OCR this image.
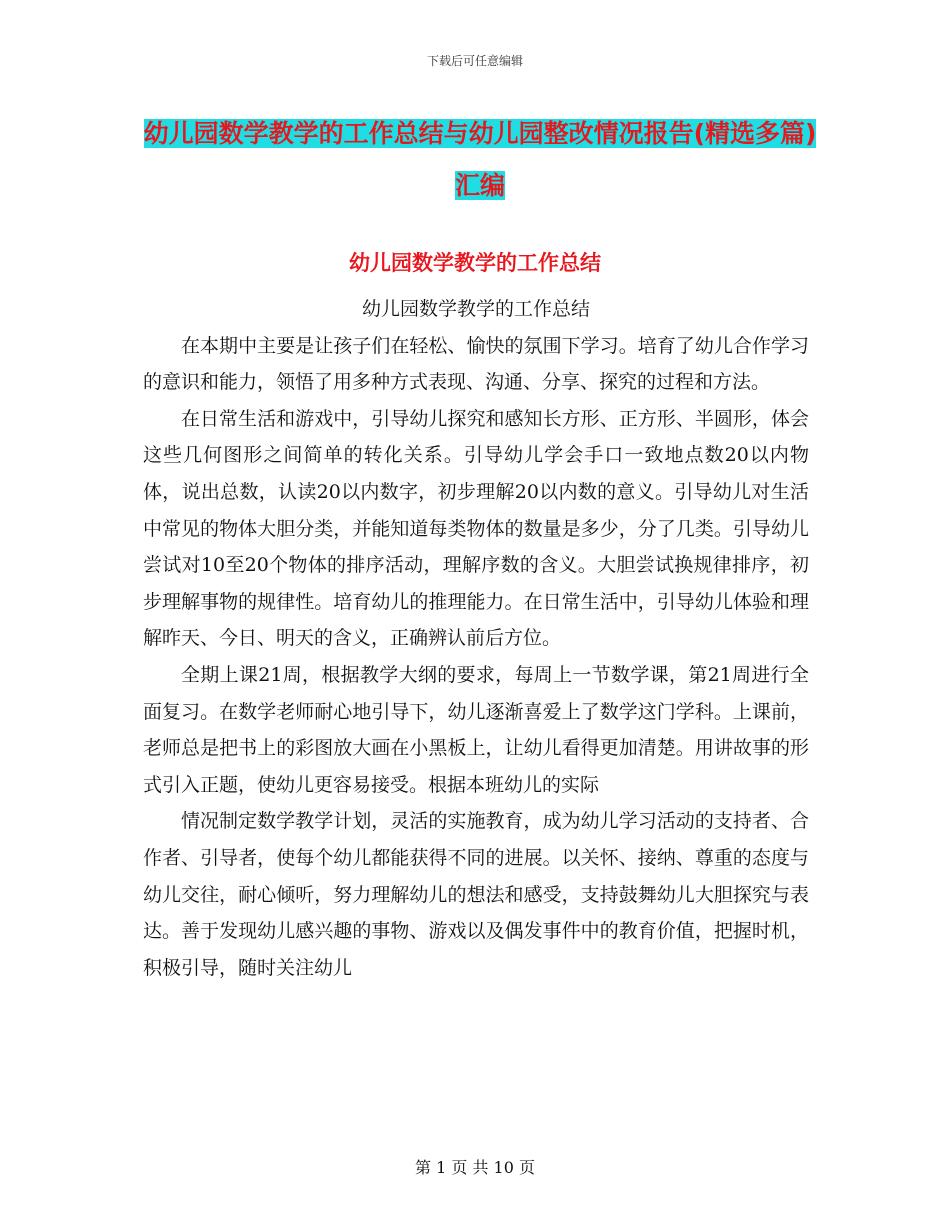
下载后可任意编辑
幼儿园数学教学的工作总结与幼儿园整改情况报告(精选多篇)汇编
幼儿园数学教学的工作总结

幼儿园数学教学的工作总结

在本期中主要是让孩子们在轻松、愉快的氛围下学习。培育了幼儿合作学习的意识和能力，领悟了用多种方式表现、沟通、分享、探究的过程和方法。

在日常生活和游戏中，引导幼儿探究和感知长方形、正方形、半圆形，体会这些几何图形之间简单的转化关系。引导幼儿学会手口一致地点数20以内物体，说出总数，认读20以内数字，初步理解20以内数的意义。引导幼儿对生活中常见的物体大胆分类，并能知道每类物体的数量是多少，分了几类。引导幼儿尝试对10至20个物体的排序活动，理解序数的含义。大胆尝试换规律排序，初步理解事物的规律性。培育幼儿的推理能力。在日常生活中，引导幼儿体验和理解昨天、今日、明天的含义，正确辨认前后方位。

全期上课21周，根据教学大纲的要求，每周上一节数学课，第21周进行全面复习。在数学老师耐心地引导下，幼儿逐渐喜爱上了数学这门学科。上课前，老师总是把书上的彩图放大画在小黑板上，让幼儿看得更加清楚。用讲故事的形式引入正题，使幼儿更容易接受。根据本班幼儿的实际

情况制定数学教学计划，灵活的实施教育，成为幼儿学习活动的支持者、合作者、引导者，使每个幼儿都能获得不同的进展。以关怀、接纳、尊重的态度与幼儿交往，耐心倾听，努力理解幼儿的想法和感受，支持鼓舞幼儿大胆探究与表达。善于发现幼儿感兴趣的事物、游戏以及偶发事件中的教育价值，把握时机，积极引导，随时关注幼儿

第 1 页 共 10 页
